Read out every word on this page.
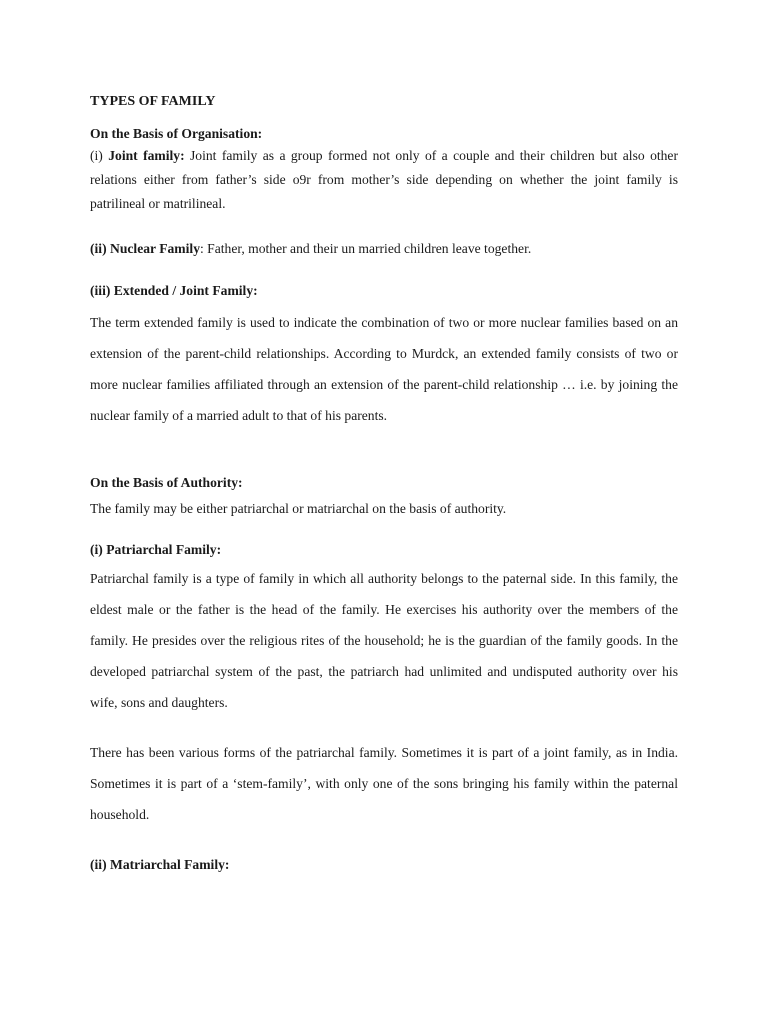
TYPES OF FAMILY
On the Basis of Organisation:

(i) Joint family: Joint family as a group formed not only of a couple and their children but also other relations either from father’s side o9r from mother’s side depending on whether the joint family is patrilineal or matrilineal.

(ii) Nuclear Family: Father, mother and their un married children leave together.

(iii) Extended / Joint Family:

The term extended family is used to indicate the combination of two or more nuclear families based on an extension of the parent-child relationships. According to Murdck, an extended family consists of two or more nuclear families affiliated through an extension of the parent-child relationship … i.e. by joining the nuclear family of a married adult to that of his parents.

On the Basis of Authority:

The family may be either patriarchal or matriarchal on the basis of authority.

(i) Patriarchal Family:

Patriarchal family is a type of family in which all authority belongs to the paternal side. In this family, the eldest male or the father is the head of the family. He exercises his authority over the members of the family. He presides over the religious rites of the household; he is the guardian of the family goods. In the developed patriarchal system of the past, the patriarch had unlimited and undisputed authority over his wife, sons and daughters.

There has been various forms of the patriarchal family. Sometimes it is part of a joint family, as in India. Sometimes it is part of a ‘stem-family’, with only one of the sons bringing his family within the paternal household.

(ii) Matriarchal Family:
